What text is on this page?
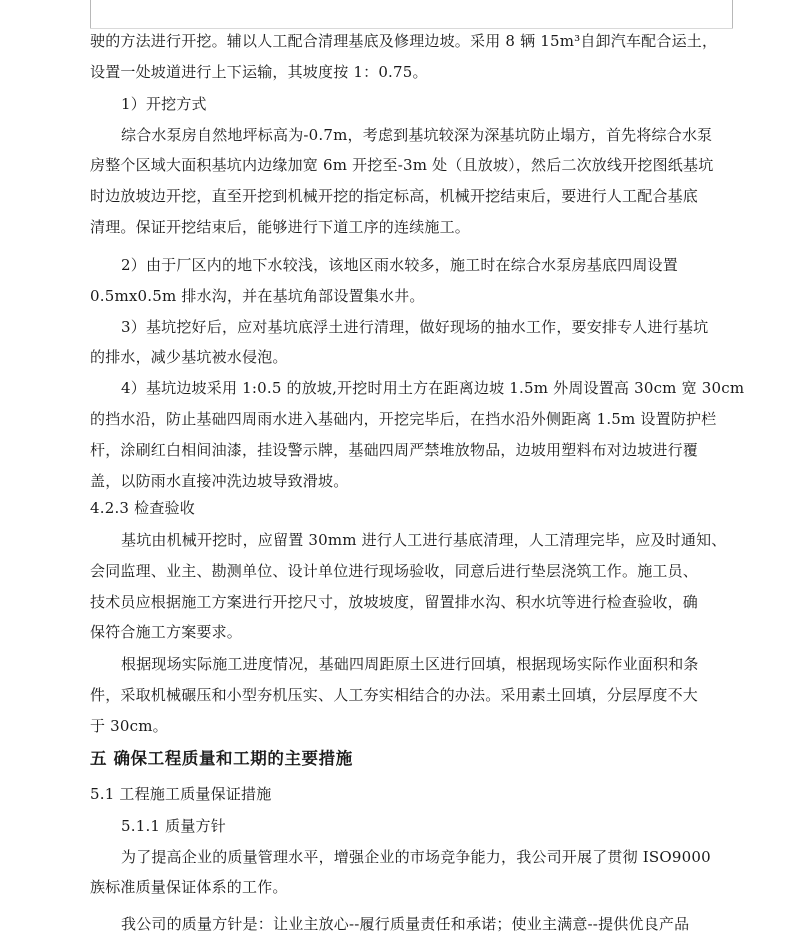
驶的方法进行开挖。辅以人工配合清理基底及修理边坡。采用 8 辆 15m³自卸汽车配合运土，
设置一处坡道进行上下运输，其坡度按 1：0.75。
1）开挖方式
综合水泵房自然地坪标高为-0.7m，考虑到基坑较深为深基坑防止塌方，首先将综合水泵
房整个区域大面积基坑内边缘加宽 6m 开挖至-3m 处（且放坡），然后二次放线开挖图纸基坑
时边放坡边开挖，直至开挖到机械开挖的指定标高，机械开挖结束后，要进行人工配合基底
清理。保证开挖结束后，能够进行下道工序的连续施工。
2）由于厂区内的地下水较浅，该地区雨水较多，施工时在综合水泵房基底四周设置
0.5mx0.5m 排水沟，并在基坑角部设置集水井。
3）基坑挖好后，应对基坑底浮土进行清理，做好现场的抽水工作，要安排专人进行基坑
的排水，减少基坑被水侵泡。
4）基坑边坡采用 1:0.5 的放坡,开挖时用土方在距离边坡 1.5m 外周设置高 30cm 宽 30cm
的挡水沿，防止基础四周雨水进入基础内，开挖完毕后，在挡水沿外侧距离 1.5m 设置防护栏
杆，涂刷红白相间油漆，挂设警示牌，基础四周严禁堆放物品，边坡用塑料布对边坡进行覆
盖，以防雨水直接冲洗边坡导致滑坡。
4.2.3 检查验收
基坑由机械开挖时，应留置 30mm 进行人工进行基底清理，人工清理完毕，应及时通知、
会同监理、业主、勘测单位、设计单位进行现场验收，同意后进行垫层浇筑工作。施工员、
技术员应根据施工方案进行开挖尺寸，放坡坡度，留置排水沟、积水坑等进行检查验收，确
保符合施工方案要求。
根据现场实际施工进度情况，基础四周距原土区进行回填，根据现场实际作业面积和条
件，采取机械碾压和小型夯机压实、人工夯实相结合的办法。采用素土回填，分层厚度不大
于 30cm。
五 确保工程质量和工期的主要措施
5.1 工程施工质量保证措施
5.1.1 质量方针
为了提高企业的质量管理水平，增强企业的市场竞争能力，我公司开展了贯彻 ISO9000
族标准质量保证体系的工作。
我公司的质量方针是：让业主放心--履行质量责任和承诺；使业主满意--提供优良产品
